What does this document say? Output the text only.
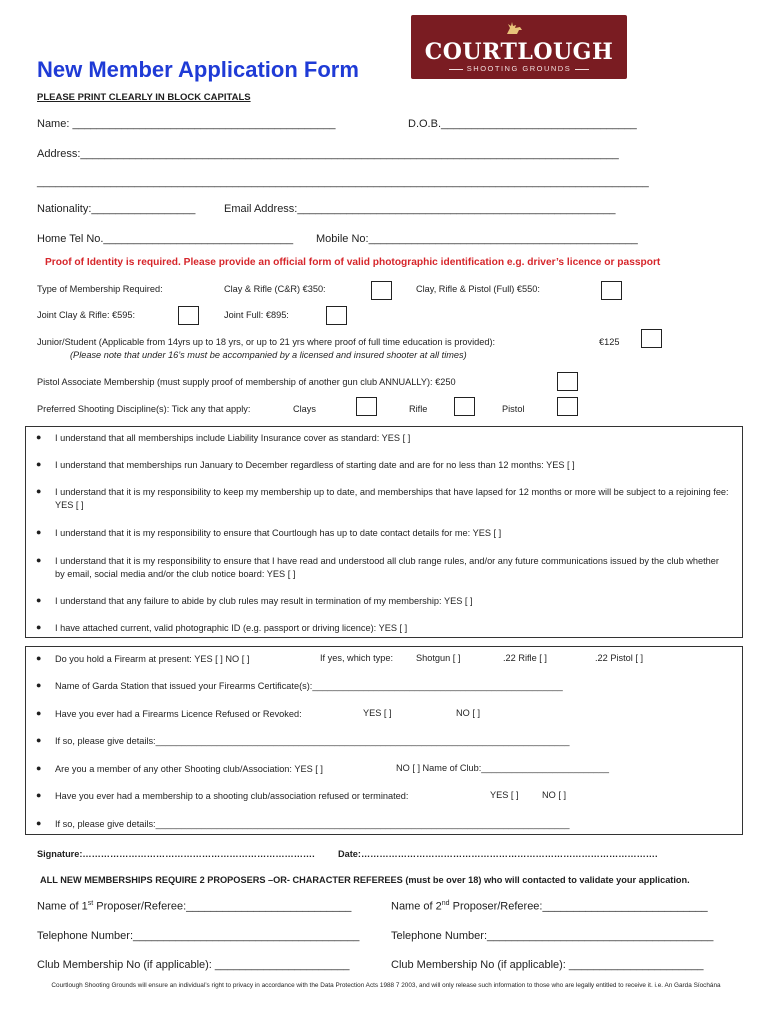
New Member Application Form
PLEASE PRINT CLEARLY IN BLOCK CAPITALS
COURTLOUGH
SHOOTING GROUNDS
Name: ___________________________________________	D.O.B.________________________________
Address:________________________________________________________________________________________
____________________________________________________________________________________________________
Nationality:_________________	Email Address:____________________________________________________
Home Tel No._______________________________ Mobile No:____________________________________________
Proof of Identity is required. Please provide an official form of valid photographic identification e.g. driver’s licence or passport
Type of Membership Required:	Clay & Rifle (C&R) €350:	Clay, Rifle & Pistol (Full) €550:
Joint Clay & Rifle: €595:	Joint Full: €895:
Junior/Student (Applicable from 14yrs up to 18 yrs, or up to 21 yrs where proof of full time education is provided):
(Please note that under 16’s must be accompanied by a licensed and insured shooter at all times)
€125
Pistol Associate Membership (must supply proof of membership of another gun club ANNUALLY): €250
Preferred Shooting Discipline(s): Tick any that apply:	Clays	Rifle	Pistol
● I understand that all memberships include Liability Insurance cover as standard: YES [ ]
● I understand that memberships run January to December regardless of starting date and are for no less than 12 months: YES [ ]
● I understand that it is my responsibility to keep my membership up to date, and memberships that have lapsed for 12 months or more will be subject to a rejoining fee: YES [ ]
● I understand that it is my responsibility to ensure that Courtlough has up to date contact details for me: YES [ ]
● I understand that it is my responsibility to ensure that I have read and understood all club range rules, and/or any future communications issued by the club whether by email, social media and/or the club notice board: YES [ ]
● I understand that any failure to abide by club rules may result in termination of my membership: YES [ ]
● I have attached current, valid photographic ID (e.g. passport or driving licence): YES [ ]
● Do you hold a Firearm at present: YES [ ] NO [ ]	If yes, which type: Shotgun [ ]	.22 Rifle [ ]	.22 Pistol [ ]
● Name of Garda Station that issued your Firearms Certificate(s):_________________________________________________
● Have you ever had a Firearms Licence Refused or Revoked:	YES [ ]	NO [ ]
● If so, please give details:_________________________________________________________________________________
● Are you a member of any other Shooting club/Association: YES [ ]	NO [ ] Name of Club:_________________________
● Have you ever had a membership to a shooting club/association refused or terminated:	YES [ ]	NO [ ]
● If so, please give details:_________________________________________________________________________________
Signature:………………………………………………………………….	Date:…………………………………………………………………………………….
ALL NEW MEMBERSHIPS REQUIRE 2 PROPOSERS –OR- CHARACTER REFEREES (must be over 18) who will contacted to validate your application.
Name of 1st Proposer/Referee:___________________________	Name of 2nd Proposer/Referee:___________________________
Telephone Number:_____________________________________	Telephone Number:_____________________________________
Club Membership No (if applicable): ______________________	Club Membership No (if applicable): ______________________
Courtlough Shooting Grounds will ensure an individual’s right to privacy in accordance with the Data Protection Acts 1988 7 2003, and will only release such information to those who are legally entitled to receive it. i.e. An Garda Síochána
